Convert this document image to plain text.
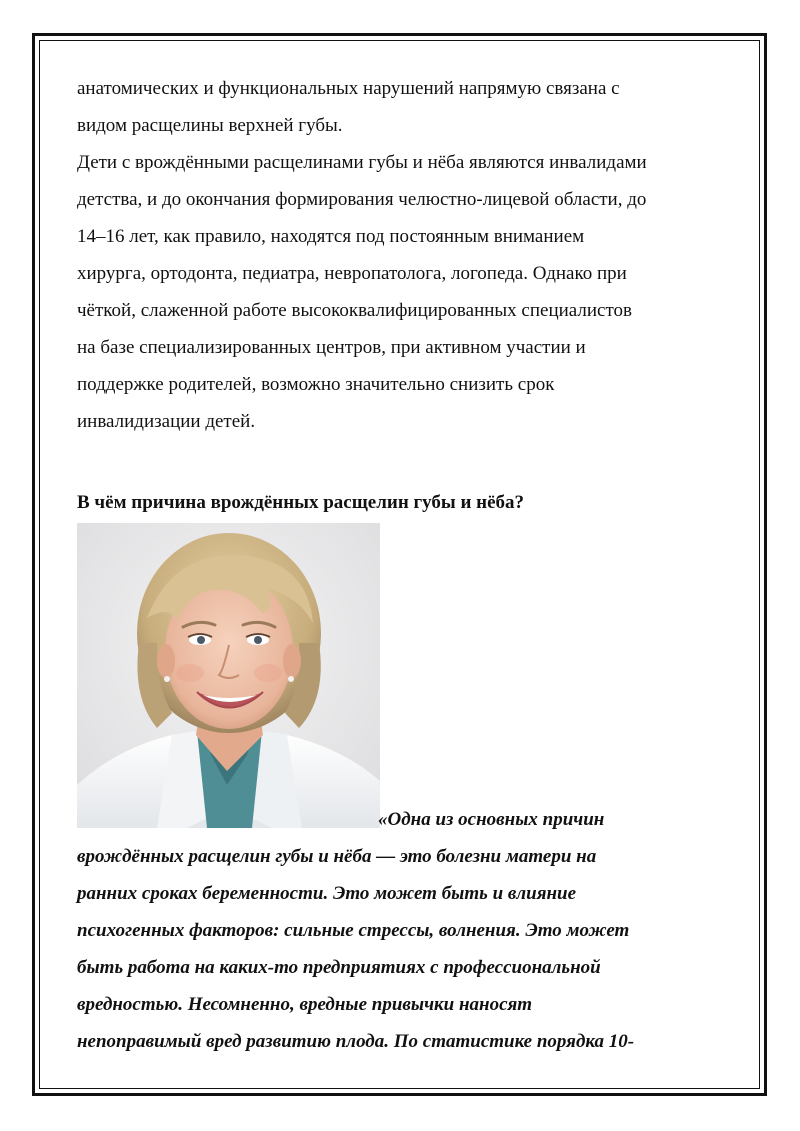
анатомических и функциональных нарушений напрямую связана с
видом расщелины верхней губы.

Дети с врождёнными расщелинами губы и нёба являются инвалидами
детства, и до окончания формирования челюстно-лицевой области, до
14–16 лет, как правило, находятся под постоянным вниманием
хирурга, ортодонта, педиатра, невропатолога, логопеда. Однако при
чёткой, слаженной работе высококвалифицированных специалистов
на базе специализированных центров, при активном участии и
поддержке родителей, возможно значительно снизить срок
инвалидизации детей.

В чём причина врождённых расщелин губы и нёба?
«Одна из основных причин
врождённых расщелин губы и нёба — это болезни матери на
ранних сроках беременности. Это может быть и влияние
психогенных факторов: сильные стрессы, волнения. Это может
быть работа на каких-то предприятиях с профессиональной
вредностью. Несомненно, вредные привычки наносят
непоправимый вред развитию плода. По статистике порядка 10-
